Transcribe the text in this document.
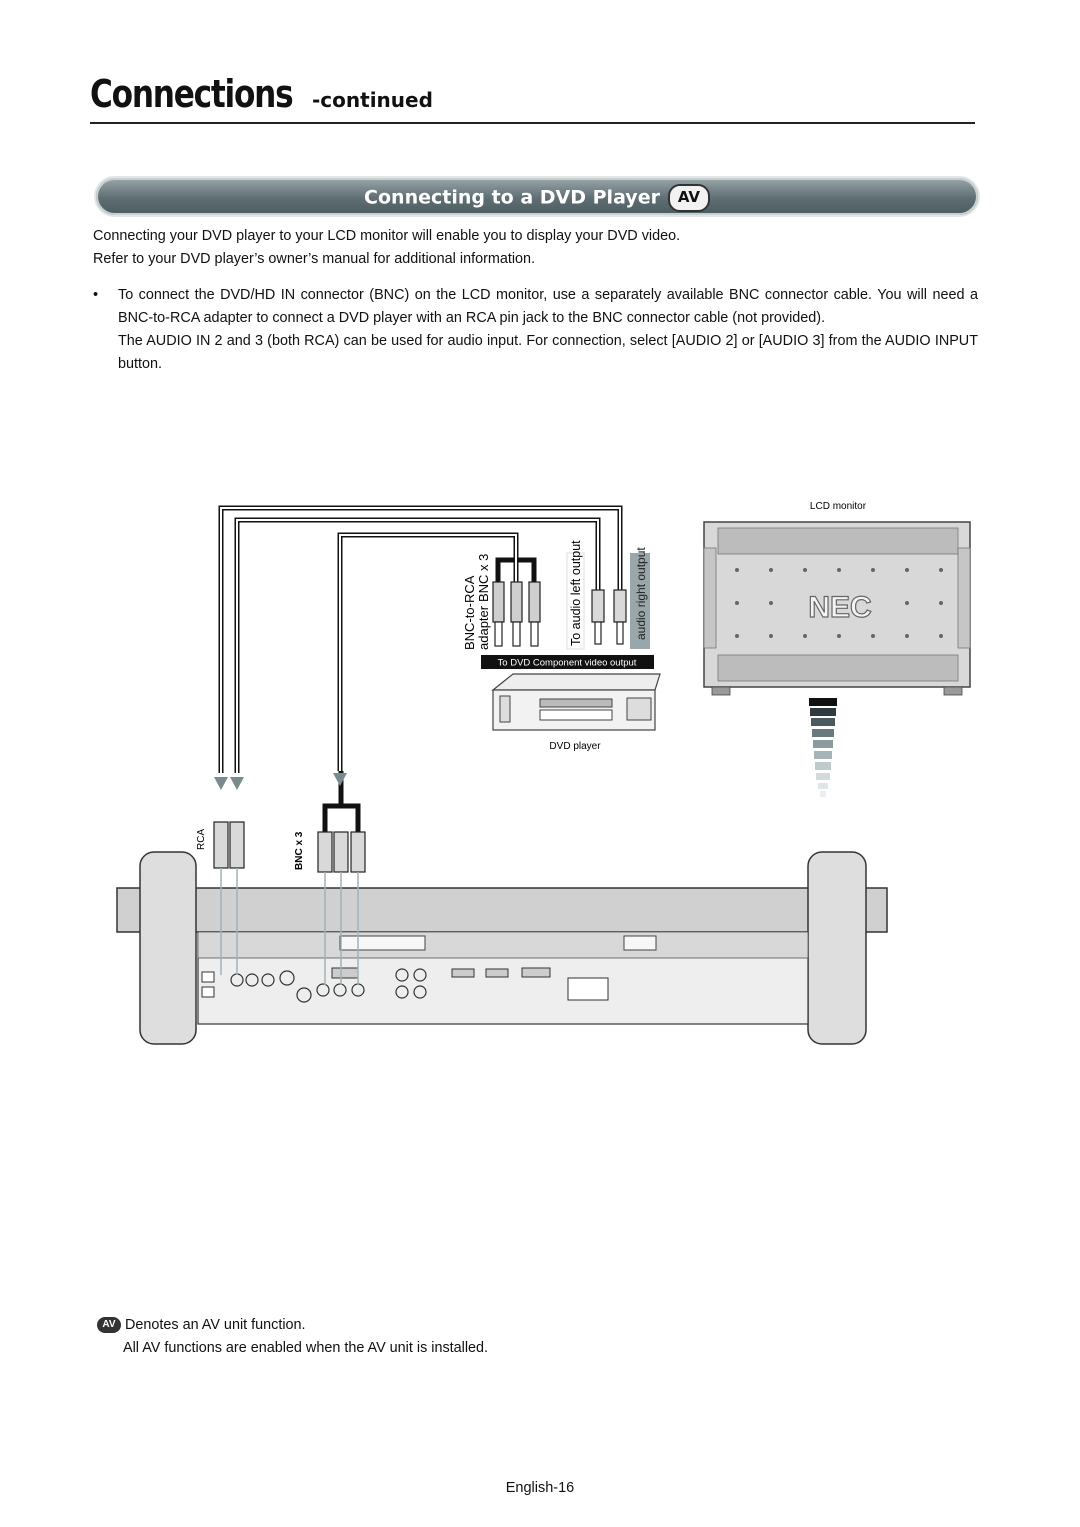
Connections -continued
Connecting to a DVD Player AV
Connecting your DVD player to your LCD monitor will enable you to display your DVD video.
Refer to your DVD player’s owner’s manual for additional information.
• To connect the DVD/HD IN connector (BNC) on the LCD monitor, use a separately available BNC connector cable. You will need a BNC-to-RCA adapter to connect a DVD player with an RCA pin jack to the BNC connector cable (not provided).
The AUDIO IN 2 and 3 (both RCA) can be used for audio input. For connection, select [AUDIO 2] or [AUDIO 3] from the AUDIO INPUT button.
LCD monitor
NEC
BNC-to-RCA adapter
BNC x 3	To audio left output	audio right output
To DVD Component video output
DVD player
RCA	BNC x 3
AV Denotes an AV unit function.
All AV functions are enabled when the AV unit is installed.
English-16
